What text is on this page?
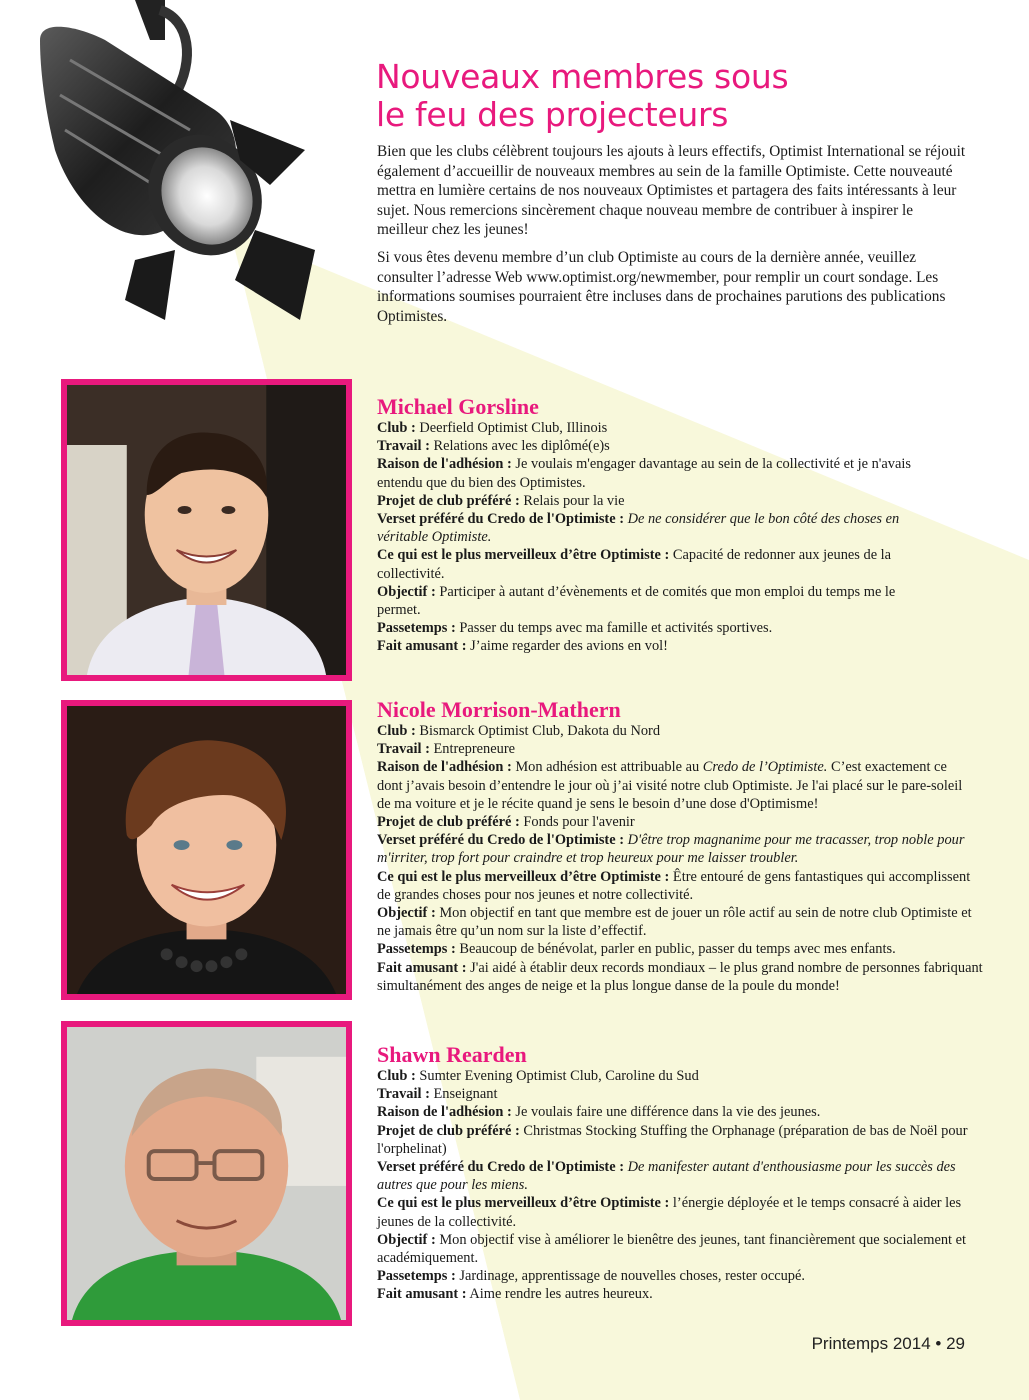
Nouveaux membres sous
le feu des projecteurs

Bien que les clubs célèbrent toujours les ajouts à leurs effectifs, Optimist International se réjouit également d’accueillir de nouveaux membres au sein de la famille Optimiste. Cette nouveauté mettra en lumière certains de nos nouveaux Optimistes et partagera des faits intéressants à leur sujet. Nous remercions sincèrement chaque nouveau membre de contribuer à inspirer le meilleur chez les jeunes!

Si vous êtes devenu membre d’un club Optimiste au cours de la dernière année, veuillez consulter l’adresse Web www.optimist.org/newmember, pour remplir un court sondage. Les informations soumises pourraient être incluses dans de prochaines parutions des publications Optimistes.

Michael Gorsline

Club : Deerfield Optimist Club, Illinois

Travail : Relations avec les diplômé(e)s

Raison de l'adhésion : Je voulais m'engager davantage au sein de la collectivité et je n'avais entendu que du bien des Optimistes.

Projet de club préféré : Relais pour la vie

Verset préféré du Credo de l'Optimiste : De ne considérer que le bon côté des choses en véritable Optimiste.

Ce qui est le plus merveilleux d’être Optimiste : Capacité de redonner aux jeunes de la collectivité.

Objectif : Participer à autant d’évènements et de comités que mon emploi du temps me le permet.

Passetemps : Passer du temps avec ma famille et activités sportives.

Fait amusant : J’aime regarder des avions en vol!

Nicole Morrison-Mathern

Club : Bismarck Optimist Club, Dakota du Nord

Travail : Entrepreneure

Raison de l'adhésion : Mon adhésion est attribuable au Credo de l’Optimiste. C’est exactement ce dont j’avais besoin d’entendre le jour où j’ai visité notre club Optimiste. Je l'ai placé sur le pare-soleil de ma voiture et je le récite quand je sens le besoin d’une dose d'Optimisme!

Projet de club préféré : Fonds pour l'avenir

Verset préféré du Credo de l'Optimiste : D'être trop magnanime pour me tracasser, trop noble pour m'irriter, trop fort pour craindre et trop heureux pour me laisser troubler.

Ce qui est le plus merveilleux d’être Optimiste : Être entouré de gens fantastiques qui accomplissent de grandes choses pour nos jeunes et notre collectivité.

Objectif : Mon objectif en tant que membre est de jouer un rôle actif au sein de notre club Optimiste et ne jamais être qu’un nom sur la liste d’effectif.

Passetemps : Beaucoup de bénévolat, parler en public, passer du temps avec mes enfants.

Fait amusant : J'ai aidé à établir deux records mondiaux – le plus grand nombre de personnes fabriquant simultanément des anges de neige et la plus longue danse de la poule du monde!

Shawn Rearden

Club : Sumter Evening Optimist Club, Caroline du Sud

Travail : Enseignant

Raison de l'adhésion : Je voulais faire une différence dans la vie des jeunes.

Projet de club préféré : Christmas Stocking Stuffing the Orphanage (préparation de bas de Noël pour l'orphelinat)

Verset préféré du Credo de l'Optimiste : De manifester autant d'enthousiasme pour les succès des autres que pour les miens.

Ce qui est le plus merveilleux d’être Optimiste : l’énergie déployée et le temps consacré à aider les jeunes de la collectivité.

Objectif : Mon objectif vise à améliorer le bienêtre des jeunes, tant financièrement que socialement et académiquement.

Passetemps : Jardinage, apprentissage de nouvelles choses, rester occupé.

Fait amusant : Aime rendre les autres heureux.

Printemps 2014 • 29
